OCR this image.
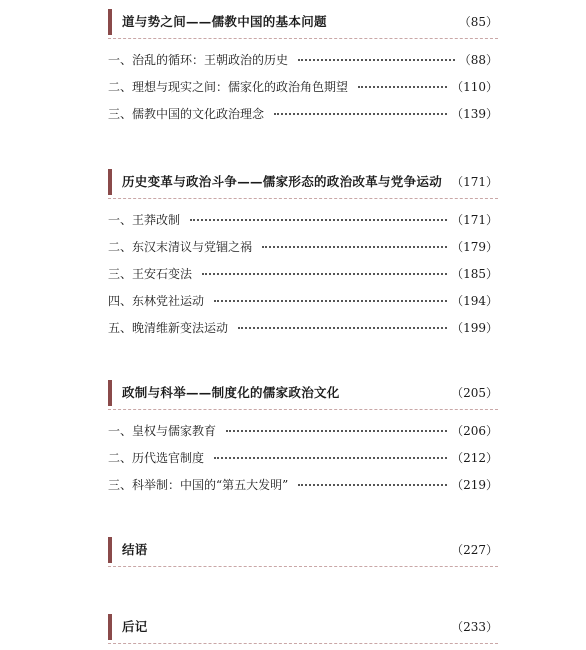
道与势之间——儒教中国的基本问题	（85）
一、治乱的循环：王朝政治的历史	（88）
二、理想与现实之间：儒家化的政治角色期望	（110）
三、儒教中国的文化政治理念	（139）
历史变革与政治斗争——儒家形态的政治改革与党争运动 （171）
一、王莽改制	（171）
二、东汉末清议与党锢之祸	（179）
三、王安石变法	（185）
四、东林党社运动	（194）
五、晚清维新变法运动	（199）
政制与科举——制度化的儒家政治文化	（205）
一、皇权与儒家教育	（206）
二、历代选官制度	（212）
三、科举制：中国的“第五大发明”	（219）
结语	（227）
后记	（233）
